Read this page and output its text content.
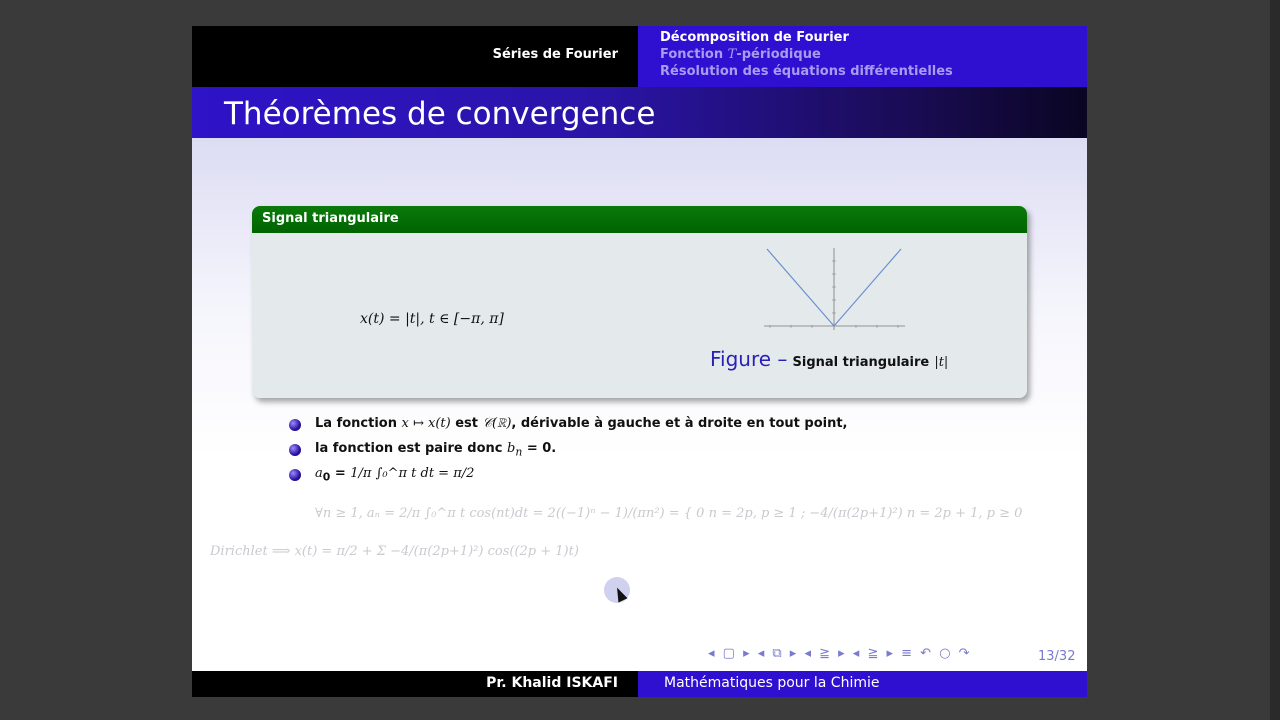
Séries de Fourier
Décomposition de Fourier
Fonction T-périodique
Résolution des équations différentielles
Théorèmes de convergence
Signal triangulaire
x(t) = |t|, t ∈ [−π, π]
Figure – Signal triangulaire |t|
La fonction x ↦ x(t) est 𝒞(ℝ), dérivable à gauche et à droite en tout point,
la fonction est paire donc $b_n = 0$.
$a_0 = 1/\pi$ ∫₀^π t dt = π/2
∀n ≥ 1, aₙ = 2/π ∫₀^π t cos(nt)dt = 2((−1)ⁿ − 1)/(πn²) = { 0 n = 2p, p ≥ 1 ; −4/(π(2p+1)²) n = 2p + 1, p ≥ 0
Dirichlet ⟹ x(t) = π/2 + Σ −4/(π(2p+1)²) cos((2p + 1)t)
◂ ▢ ▸ ◂ ⧉ ▸ ◂ ≧ ▸ ◂ ≧ ▸ ≡ ↶ ○ ↷	13/32
Pr. Khalid ISKAFI	Mathématiques pour la Chimie
